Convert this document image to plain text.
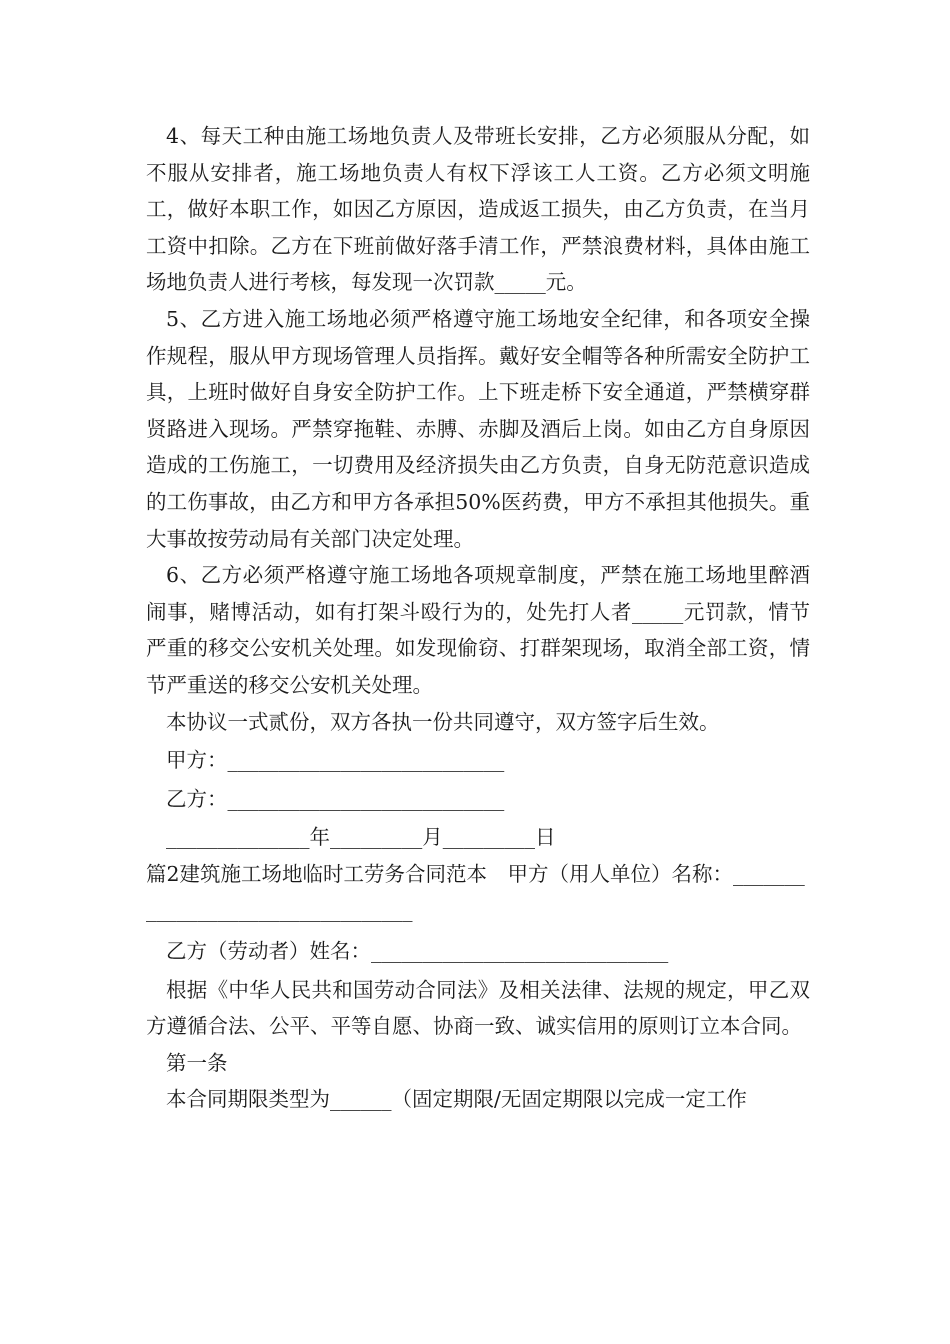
4、每天工种由施工场地负责人及带班长安排，乙方必须服从分配，如不服从安排者，施工场地负责人有权下浮该工人工资。乙方必须文明施工，做好本职工作，如因乙方原因，造成返工损失，由乙方负责，在当月工资中扣除。乙方在下班前做好落手清工作，严禁浪费材料，具体由施工场地负责人进行考核，每发现一次罚款_____元。

5、乙方进入施工场地必须严格遵守施工场地安全纪律，和各项安全操作规程，服从甲方现场管理人员指挥。戴好安全帽等各种所需安全防护工具，上班时做好自身安全防护工作。上下班走桥下安全通道，严禁横穿群贤路进入现场。严禁穿拖鞋、赤膊、赤脚及酒后上岗。如由乙方自身原因造成的工伤施工，一切费用及经济损失由乙方负责，自身无防范意识造成的工伤事故，由乙方和甲方各承担50%医药费，甲方不承担其他损失。重大事故按劳动局有关部门决定处理。

6、乙方必须严格遵守施工场地各项规章制度，严禁在施工场地里醉酒闹事，赌博活动，如有打架斗殴行为的，处先打人者_____元罚款，情节严重的移交公安机关处理。如发现偷窃、打群架现场，取消全部工资，情节严重送的移交公安机关处理。

本协议一式贰份，双方各执一份共同遵守，双方签字后生效。

甲方：___________________________

乙方：___________________________

______________年_________月_________日

篇2建筑施工场地临时工劳务合同范本　甲方（用人单位）名称：_________________________________

乙方（劳动者）姓名：_____________________________

根据《中华人民共和国劳动合同法》及相关法律、法规的规定，甲乙双方遵循合法、公平、平等自愿、协商一致、诚实信用的原则订立本合同。

第一条

本合同期限类型为______（固定期限/无固定期限以完成一定工作
